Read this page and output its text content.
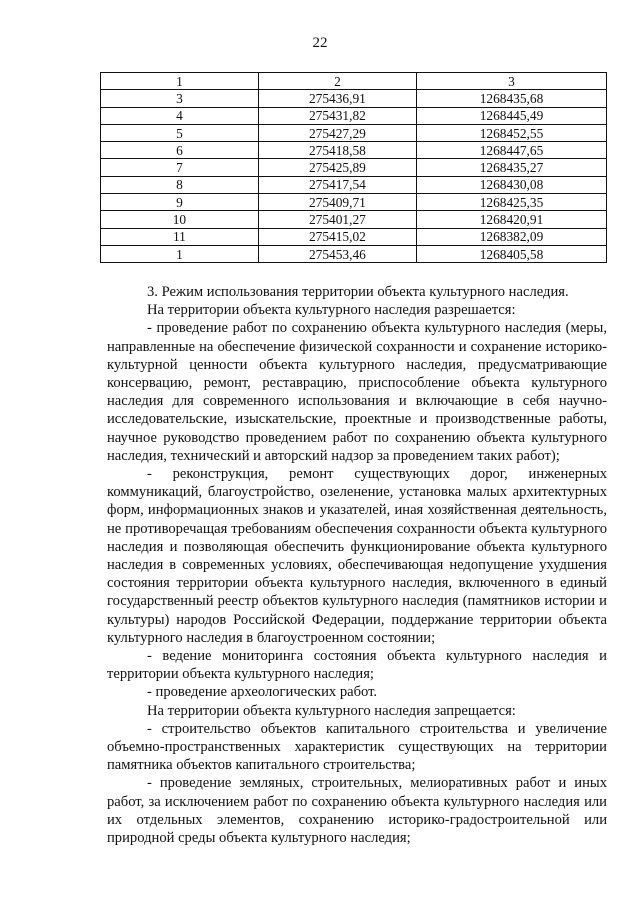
22
1	2	3
3	275436,91	1268435,68
4	275431,82	1268445,49
5	275427,29	1268452,55
6	275418,58	1268447,65
7	275425,89	1268435,27
8	275417,54	1268430,08
9	275409,71	1268425,35
10	275401,27	1268420,91
11	275415,02	1268382,09
1	275453,46	1268405,58

3. Режим использования территории объекта культурного наследия.

На территории объекта культурного наследия разрешается:

- проведение работ по сохранению объекта культурного наследия (меры, направленные на обеспечение физической сохранности и сохранение историко-культурной ценности объекта культурного наследия, предусматривающие консервацию, ремонт, реставрацию, приспособление объекта культурного наследия для современного использования и включающие в себя научно-исследовательские, изыскательские, проектные и производственные работы, научное руководство проведением работ по сохранению объекта культурного наследия, технический и авторский надзор за проведением таких работ);

- реконструкция, ремонт существующих дорог, инженерных коммуникаций, благоустройство, озеленение, установка малых архитектурных форм, информационных знаков и указателей, иная хозяйственная деятельность, не противоречащая требованиям обеспечения сохранности объекта культурного наследия и позволяющая обеспечить функционирование объекта культурного наследия в современных условиях, обеспечивающая недопущение ухудшения состояния территории объекта культурного наследия, включенного в единый государственный реестр объектов культурного наследия (памятников истории и культуры) народов Российской Федерации, поддержание территории объекта культурного наследия в благоустроенном состоянии;

- ведение мониторинга состояния объекта культурного наследия и территории объекта культурного наследия;

- проведение археологических работ.

На территории объекта культурного наследия запрещается:

- строительство объектов капитального строительства и увеличение объемно-пространственных характеристик существующих на территории памятника объектов капитального строительства;

- проведение земляных, строительных, мелиоративных работ и иных работ, за исключением работ по сохранению объекта культурного наследия или их отдельных элементов, сохранению историко-градостроительной или природной среды объекта культурного наследия;
